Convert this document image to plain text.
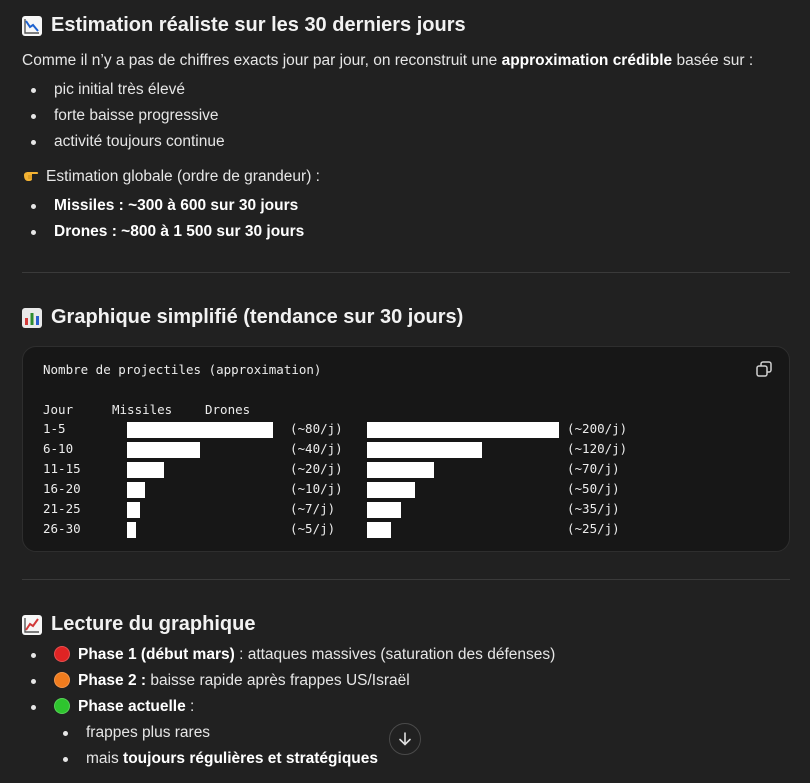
Estimation réaliste sur les 30 derniers jours

Comme il n’y a pas de chiffres exacts jour par jour, on reconstruit une approximation crédible basée sur :

pic initial très élevé
forte baisse progressive
activité toujours continue

Estimation globale (ordre de grandeur) :

Missiles : ~300 à 600 sur 30 jours
Drones : ~800 à 1 500 sur 30 jours
Graphique simplifié (tendance sur 30 jours)
Nombre de projectiles (approximation)
Jour	Missiles	Drones
1-5	(~80/j)	(~200/j)
6-10	(~40/j)	(~120/j)
11-15	(~20/j)	(~70/j)
16-20	(~10/j)	(~50/j)
21-25	(~7/j)	(~35/j)
26-30	(~5/j)	(~25/j)
Lecture du graphique
Phase 1 (début mars) : attaques massives (saturation des défenses)
Phase 2 : baisse rapide après frappes US/Israël
Phase actuelle :
frappes plus rares
mais toujours régulières et stratégiques
